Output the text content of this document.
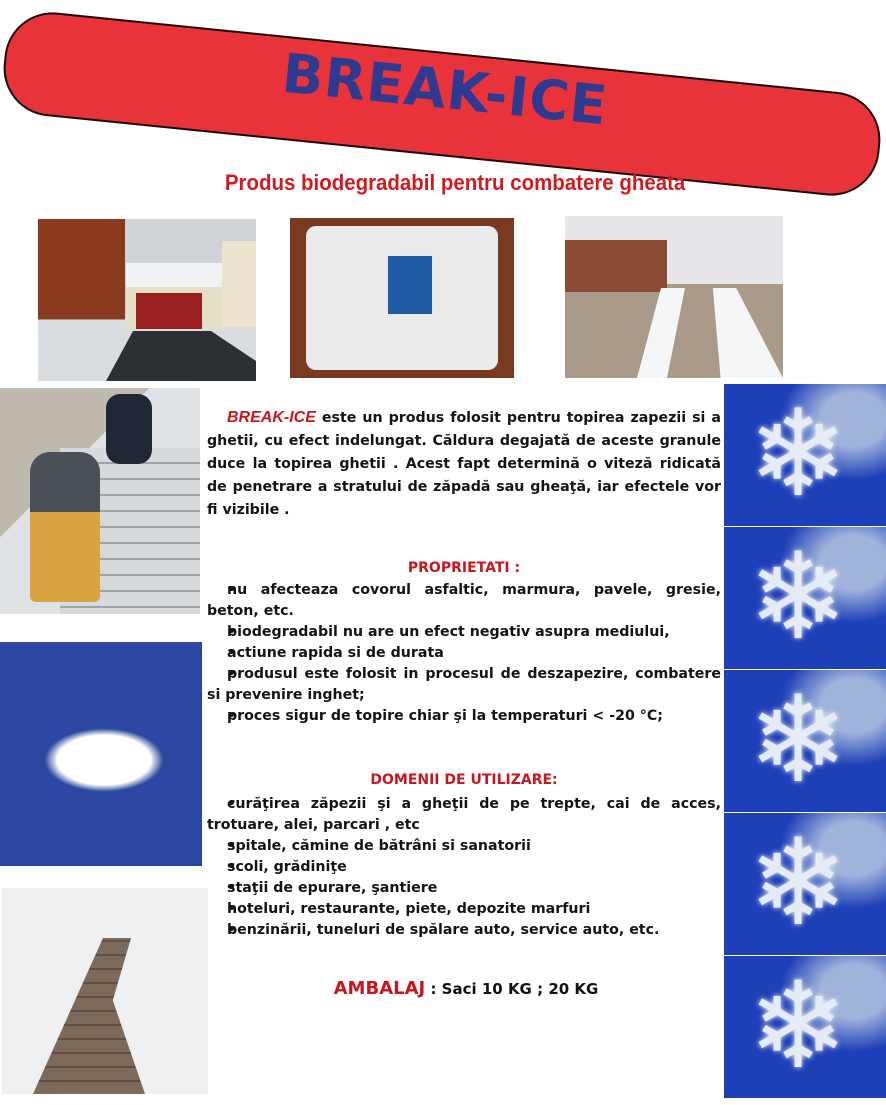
BREAK-ICE
Produs biodegradabil pentru combatere gheata
❄
❄
❄
❄
❄

BREAK-ICE este un produs folosit pentru topirea zapezii si a ghetii, cu efect indelungat. Căldura degajată de aceste granule duce la topirea ghetii . Acest fapt determină o viteză ridicată de penetrare a stratului de zăpadă sau gheaţă, iar efectele vor fi vizibile .

PROPRIETATI :
•nu afecteaza covorul asfaltic, marmura, pavele, gresie, beton, etc.
•biodegradabil nu are un efect negativ asupra mediului,
•actiune rapida si de durata
•produsul este folosit in procesul de deszapezire, combatere si prevenire inghet;
•proces sigur de topire chiar şi la temperaturi < -20 °C;
DOMENII DE UTILIZARE:
•curăţirea zăpezii şi a gheţii de pe trepte, cai de acces, trotuare, alei, parcari , etc
•spitale, cămine de bătrâni si sanatorii
•scoli, grădiniţe
•staţii de epurare, şantiere
•hoteluri, restaurante, piete, depozite marfuri
•benzinării, tuneluri de spălare auto, service auto, etc.
AMBALAJ : Saci 10 KG ; 20 KG
